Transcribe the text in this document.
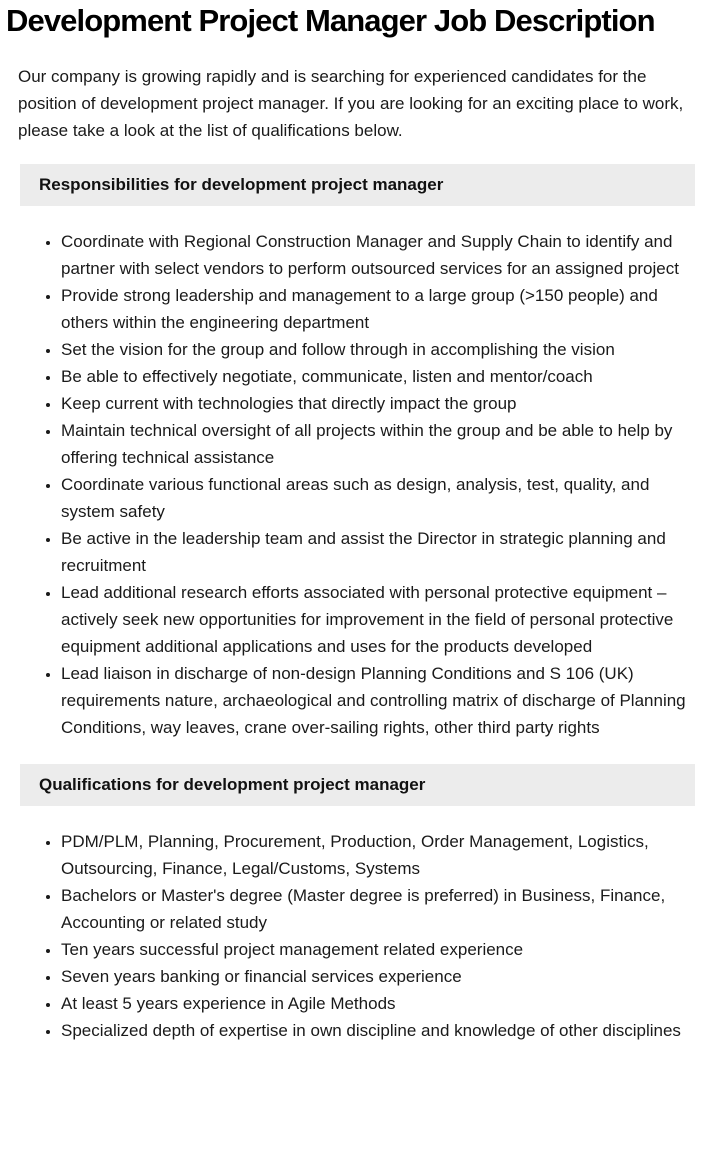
Development Project Manager Job Description

Our company is growing rapidly and is searching for experienced candidates for the position of development project manager. If you are looking for an exciting place to work, please take a look at the list of qualifications below.

Responsibilities for development project manager
• Coordinate with Regional Construction Manager and Supply Chain to identify and partner with select vendors to perform outsourced services for an assigned project
• Provide strong leadership and management to a large group (>150 people) and others within the engineering department
• Set the vision for the group and follow through in accomplishing the vision
• Be able to effectively negotiate, communicate, listen and mentor/coach
• Keep current with technologies that directly impact the group
• Maintain technical oversight of all projects within the group and be able to help by offering technical assistance
• Coordinate various functional areas such as design, analysis, test, quality, and system safety
• Be active in the leadership team and assist the Director in strategic planning and recruitment
• Lead additional research efforts associated with personal protective equipment – actively seek new opportunities for improvement in the field of personal protective equipment additional applications and uses for the products developed
• Lead liaison in discharge of non-design Planning Conditions and S 106 (UK) requirements nature, archaeological and controlling matrix of discharge of Planning Conditions, way leaves, crane over-sailing rights, other third party rights
Qualifications for development project manager
• PDM/PLM, Planning, Procurement, Production, Order Management, Logistics, Outsourcing, Finance, Legal/Customs, Systems
• Bachelors or Master's degree (Master degree is preferred) in Business, Finance, Accounting or related study
• Ten years successful project management related experience
• Seven years banking or financial services experience
• At least 5 years experience in Agile Methods
• Specialized depth of expertise in own discipline and knowledge of other disciplines
